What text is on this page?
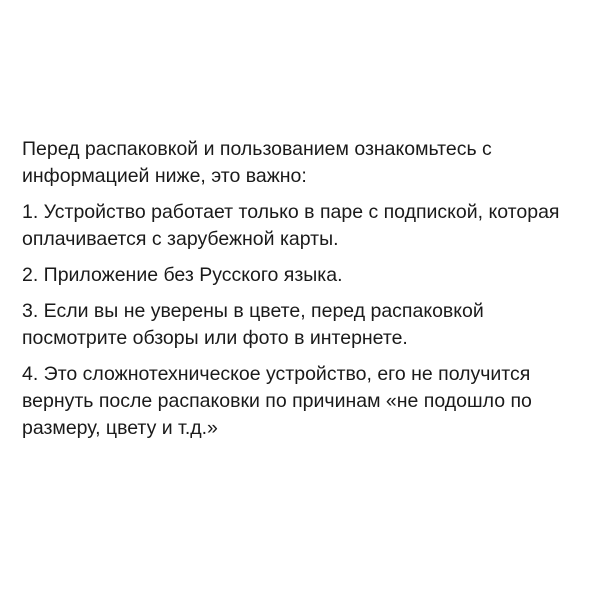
Перед распаковкой и пользованием ознакомьтесь с информацией ниже, это важно:

1. Устройство работает только в паре с подпиской, которая оплачивается с зарубежной карты.

2. Приложение без Русского языка.

3. Если вы не уверены в цвете, перед распаковкой посмотрите обзоры или фото в интернете.

4. Это сложнотехническое устройство, его не получится вернуть после распаковки по причинам «не подошло по размеру, цвету и т.д.»
